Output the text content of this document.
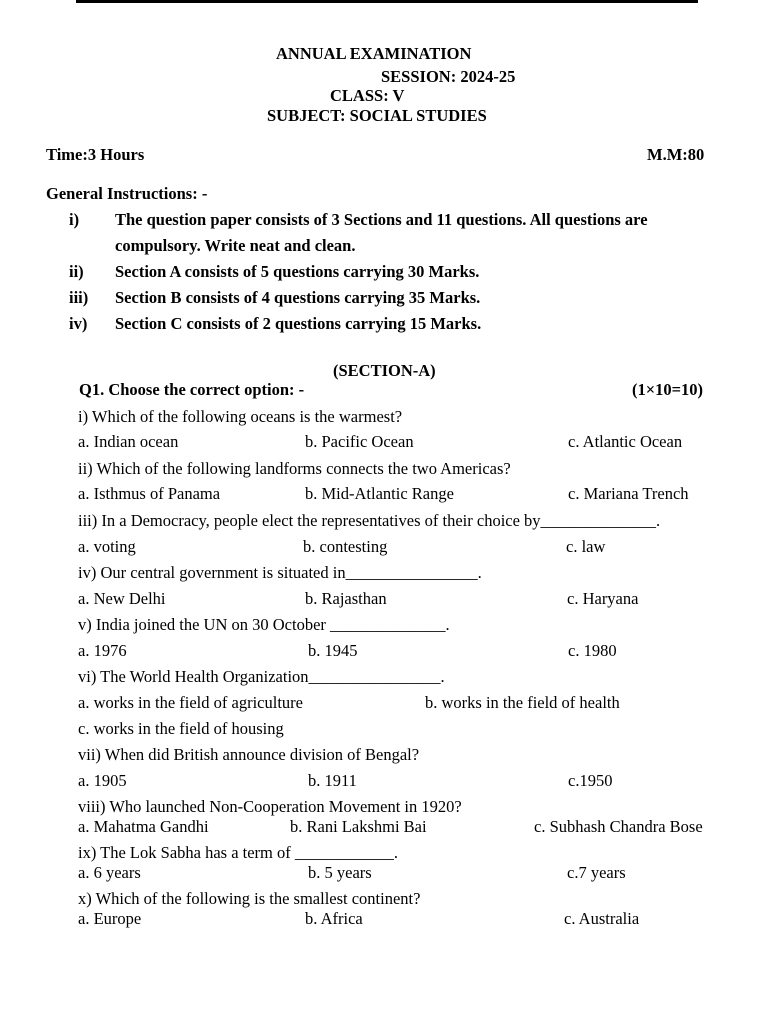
ANNUAL EXAMINATION
SESSION: 2024-25
CLASS: V
SUBJECT: SOCIAL STUDIES
Time:3 Hours	M.M:80
General Instructions: -
i) The question paper consists of 3 Sections and 11 questions. All questions are
compulsory. Write neat and clean.
ii) Section A consists of 5 questions carrying 30 Marks.
iii) Section B consists of 4 questions carrying 35 Marks.
iv) Section C consists of 2 questions carrying 15 Marks.
(SECTION-A)
Q1. Choose the correct option: -	(1×10=10)
i) Which of the following oceans is the warmest?
a. Indian ocean	b. Pacific Ocean	c. Atlantic Ocean
ii) Which of the following landforms connects the two Americas?
a. Isthmus of Panama	b. Mid-Atlantic Range	c. Mariana Trench
iii) In a Democracy, people elect the representatives of their choice by______________.
a. voting	b. contesting	c. law
iv) Our central government is situated in________________.
a. New Delhi	b. Rajasthan	c. Haryana
v) India joined the UN on 30 October ______________.
a. 1976	b. 1945	c. 1980
vi) The World Health Organization________________.
a. works in the field of agriculture	b. works in the field of health
c. works in the field of housing
vii) When did British announce division of Bengal?
a. 1905	b. 1911	c.1950
viii) Who launched Non-Cooperation Movement in 1920?
a. Mahatma Gandhi	b. Rani Lakshmi Bai	c. Subhash Chandra Bose
ix) The Lok Sabha has a term of ____________.
a. 6 years	b. 5 years	c.7 years
x) Which of the following is the smallest continent?
a. Europe	b. Africa	c. Australia
